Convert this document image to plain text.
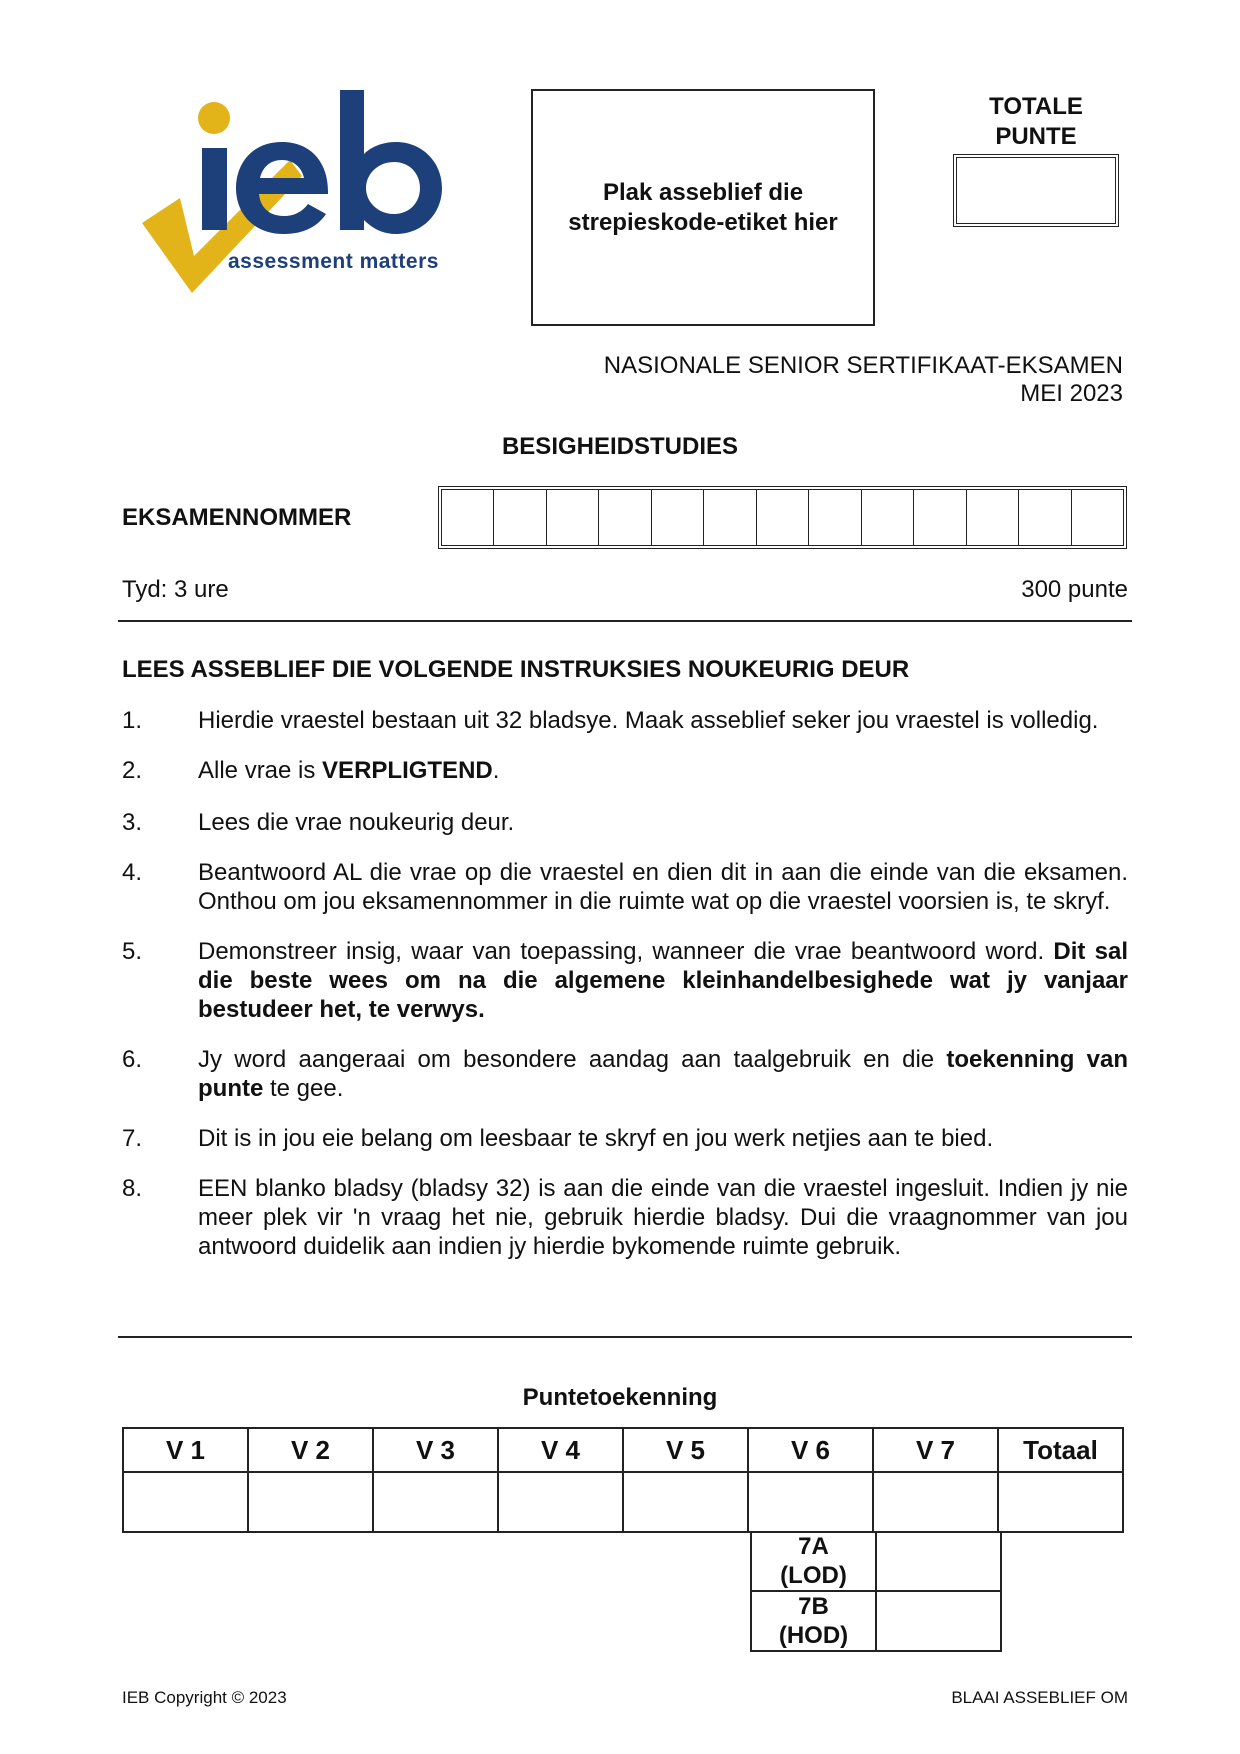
assessment matters
Plak asseblief die strepieskode-etiket hier
TOTALE PUNTE
NASIONALE SENIOR SERTIFIKAAT-EKSAMEN
MEI 2023
BESIGHEIDSTUDIES
EKSAMENNOMMER
Tyd: 3 ure	300 punte
LEES ASSEBLIEF DIE VOLGENDE INSTRUKSIES NOUKEURIG DEUR
1.	Hierdie vraestel bestaan uit 32 bladsye. Maak asseblief seker jou vraestel is volledig.
2.	Alle vrae is VERPLIGTEND.
3.	Lees die vrae noukeurig deur.
4.	Beantwoord AL die vrae op die vraestel en dien dit in aan die einde van die eksamen. Onthou om jou eksamennommer in die ruimte wat op die vraestel voorsien is, te skryf.
5.	Demonstreer insig, waar van toepassing, wanneer die vrae beantwoord word. Dit sal die beste wees om na die algemene kleinhandelbesighede wat jy vanjaar bestudeer het, te verwys.
6.	Jy word aangeraai om besondere aandag aan taalgebruik en die toekenning van punte te gee.
7.	Dit is in jou eie belang om leesbaar te skryf en jou werk netjies aan te bied.
8.	EEN blanko bladsy (bladsy 32) is aan die einde van die vraestel ingesluit. Indien jy nie meer plek vir 'n vraag het nie, gebruik hierdie bladsy. Dui die vraagnommer van jou antwoord duidelik aan indien jy hierdie bykomende ruimte gebruik.
Puntetoekenning
V 1	V 2	V 3	V 4	V 5	V 6	V 7	Totaal

7A
(LOD)	

7B
(HOD)	

IEB Copyright © 2023	BLAAI ASSEBLIEF OM
